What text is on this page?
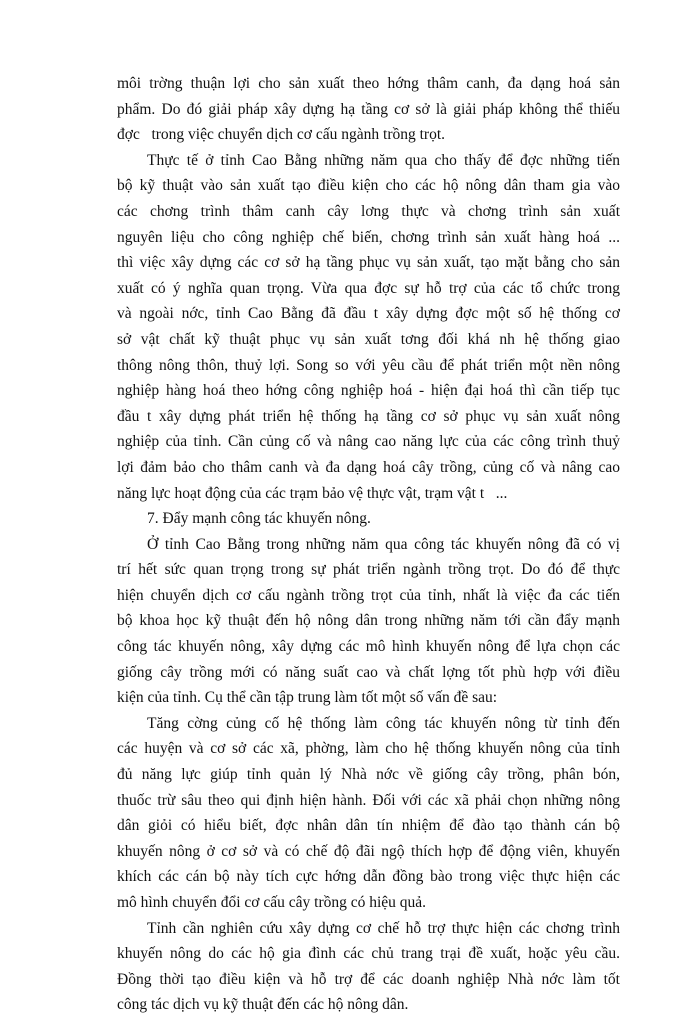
môi trờng thuận lợi cho sản xuất theo hớng thâm canh, đa dạng hoá sản
phẩm. Do đó giải pháp xây dựng hạ tầng cơ sở là giải pháp không thể thiếu
đợc   trong việc chuyển dịch cơ cấu ngành trồng trọt.
Thực tế ở tỉnh Cao Bằng những năm qua cho thấy để đợc những tiến
bộ kỹ thuật vào sản xuất tạo điều kiện cho các hộ nông dân tham gia vào
các chơng trình thâm canh cây lơng thực và chơng trình sản xuất
nguyên liệu cho công nghiệp chế biến, chơng trình sản xuất hàng hoá ...
thì việc xây dựng các cơ sở hạ tầng phục vụ sản xuất, tạo mặt bằng cho sản
xuất có ý nghĩa quan trọng. Vừa qua đợc sự hỗ trợ của các tổ chức trong
và ngoài nớc, tỉnh Cao Bằng đã đầu t xây dựng đợc một số hệ thống cơ
sở vật chất kỹ thuật phục vụ sản xuất tơng đối khá nh hệ thống giao
thông nông thôn, thuỷ lợi. Song so với yêu cầu để phát triển một nền nông
nghiệp hàng hoá theo hớng công nghiệp hoá - hiện đại hoá thì cần tiếp tục
đầu t xây dựng phát triển hệ thống hạ tầng cơ sở phục vụ sản xuất nông
nghiệp của tỉnh. Cần củng cố và nâng cao năng lực của các công trình thuỷ
lợi đảm bảo cho thâm canh và đa dạng hoá cây trồng, củng cố và nâng cao
năng lực hoạt động của các trạm bảo vệ thực vật, trạm vật t   ...
7. Đẩy mạnh công tác khuyến nông.
Ở tỉnh Cao Bằng trong những năm qua công tác khuyến nông đã có vị
trí hết sức quan trọng trong sự phát triển ngành trồng trọt. Do đó để thực
hiện chuyển dịch cơ cấu ngành trồng trọt của tỉnh, nhất là việc đa các tiến
bộ khoa học kỹ thuật đến hộ nông dân trong những năm tới cần đẩy mạnh
công tác khuyến nông, xây dựng các mô hình khuyến nông để lựa chọn các
giống cây trồng mới có năng suất cao và chất lợng tốt phù hợp với điều
kiện của tỉnh. Cụ thể cần tập trung làm tốt một số vấn đề sau:
Tăng cờng củng cố hệ thống làm công tác khuyến nông từ tỉnh đến
các huyện và cơ sở các xã, phờng, làm cho hệ thống khuyến nông của tỉnh
đủ năng lực giúp tỉnh quản lý Nhà nớc về giống cây trồng, phân bón,
thuốc trừ sâu theo qui định hiện hành. Đối với các xã phải chọn những nông
dân giỏi có hiểu biết, đợc nhân dân tín nhiệm để đào tạo thành cán bộ
khuyến nông ở cơ sở và có chế độ đãi ngộ thích hợp để động viên, khuyến
khích các cán bộ này tích cực hớng dẫn đồng bào trong việc thực hiện các
mô hình chuyển đổi cơ cấu cây trồng có hiệu quả.
Tỉnh cần nghiên cứu xây dựng cơ chế hỗ trợ thực hiện các chơng trình
khuyến nông do các hộ gia đình các chủ trang trại đề xuất, hoặc yêu cầu.
Đồng thời tạo điều kiện và hỗ trợ để các doanh nghiệp Nhà nớc làm tốt
công tác dịch vụ kỹ thuật đến các hộ nông dân.
